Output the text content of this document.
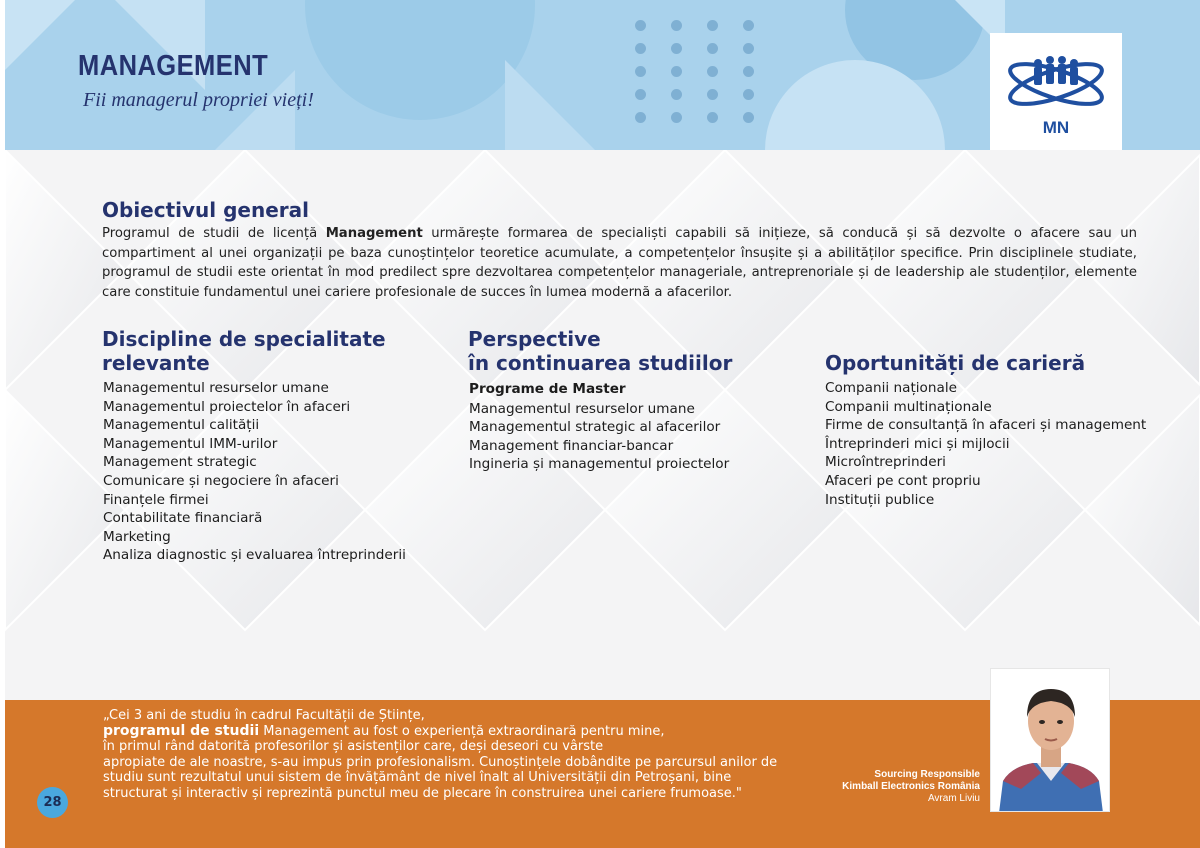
MANAGEMENT
Fii managerul propriei vieți!
MN
Obiectivul general

Programul de studii de licență Management urmărește formarea de specialiști capabili să inițieze, să conducă și să dezvolte o afacere sau un compartiment al unei organizații pe baza cunoștințelor teoretice acumulate, a competențelor însușite și a abilităților specifice. Prin disciplinele studiate, programul de studii este orientat în mod predilect spre dezvoltarea competențelor manageriale, antreprenoriale și de leadership ale studenților, elemente care constituie fundamentul unei cariere profesionale de succes în lumea modernă a afacerilor.

Discipline de specialitate
relevante
Managementul resurselor umane
Managementul proiectelor în afaceri
Managementul calității
Managementul IMM-urilor
Management strategic
Comunicare și negociere în afaceri
Finanțele firmei
Contabilitate financiară
Marketing
Analiza diagnostic și evaluarea întreprinderii
Perspective
în continuarea studiilor
Programe de Master
Managementul resurselor umane
Managementul strategic al afacerilor
Management financiar-bancar
Ingineria și managementul proiectelor
Oportunități de carieră
Companii naționale
Companii multinaționale
Firme de consultanță în afaceri și management
Întreprinderi mici și mijlocii
Microîntreprinderi
Afaceri pe cont propriu
Instituții publice
„Cei 3 ani de studiu în cadrul Facultății de Științe,
programul de studii Management au fost o experiență extraordinară pentru mine,
în primul rând datorită profesorilor și asistenților care, deși deseori cu vârste
apropiate de ale noastre, s-au impus prin profesionalism. Cunoștințele dobândite pe parcursul anilor de
studiu sunt rezultatul unui sistem de învățământ de nivel înalt al Universității din Petroșani, bine
structurat și interactiv și reprezintă punctul meu de plecare în construirea unei cariere frumoase."
28
Sourcing Responsible
Kimball Electronics România
Avram Liviu
